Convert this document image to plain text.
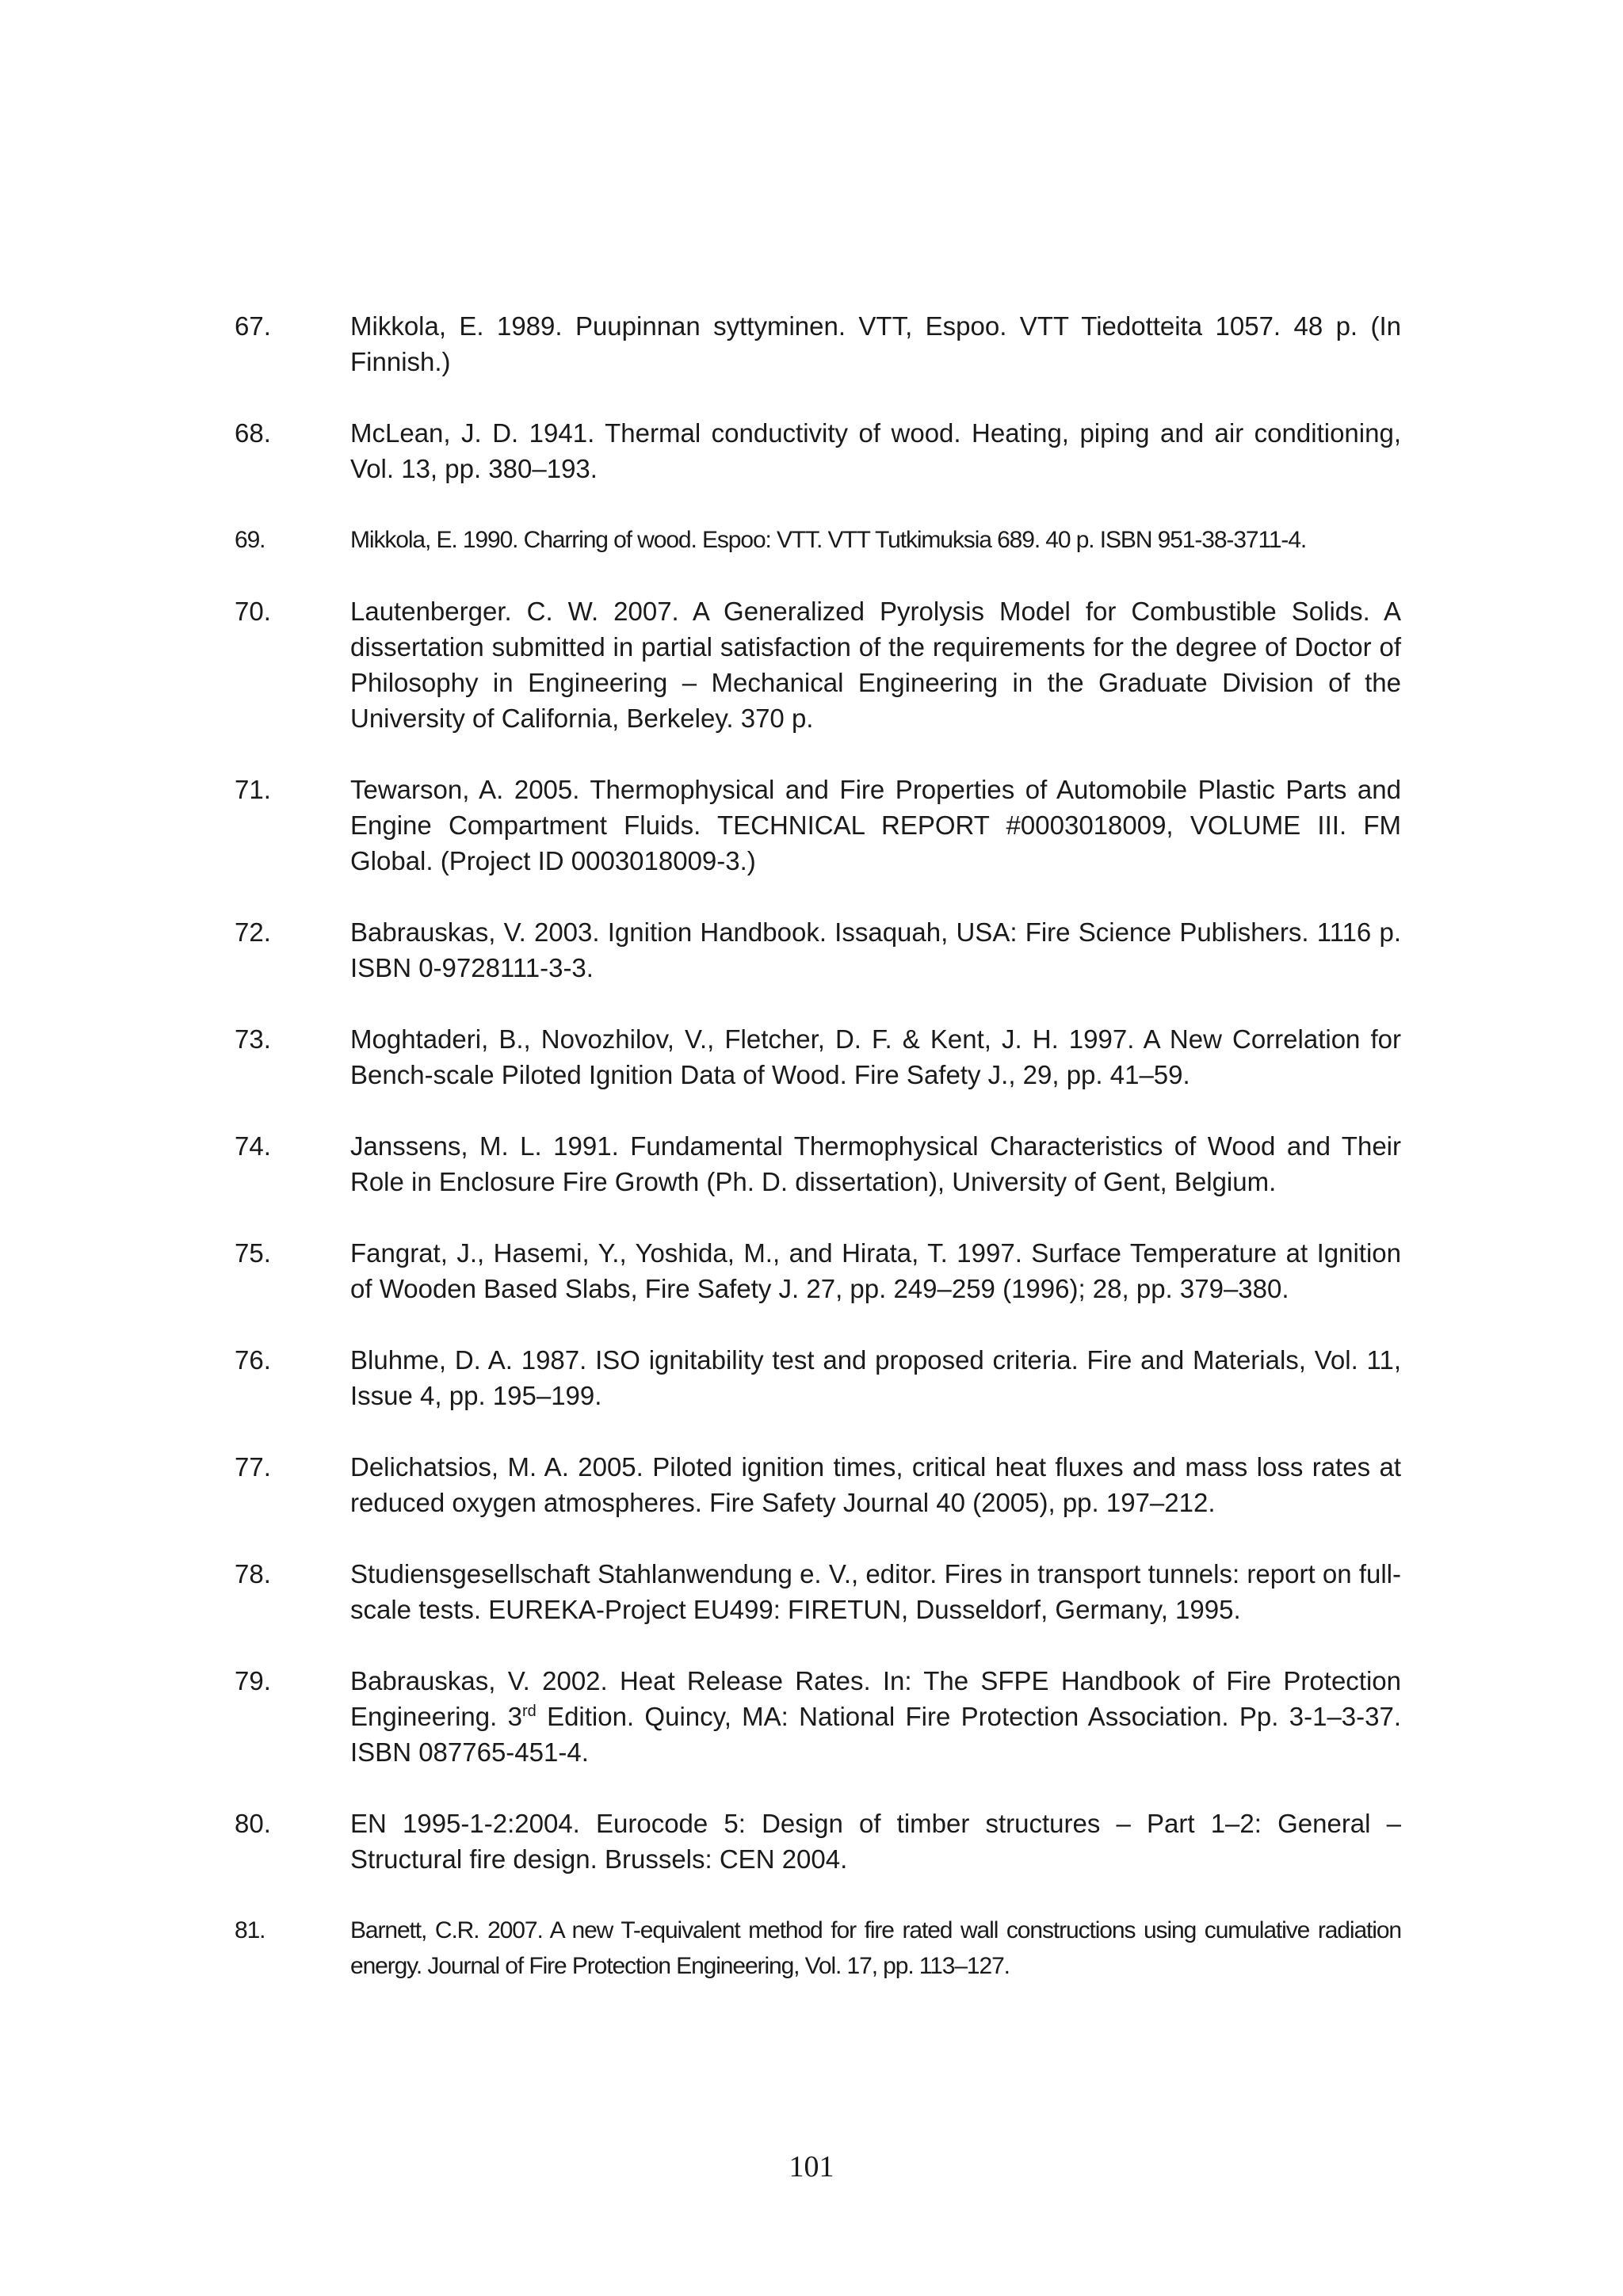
67.	Mikkola, E. 1989. Puupinnan syttyminen. VTT, Espoo. VTT Tiedotteita 1057. 48 p. (In Finnish.)
68.	McLean, J. D. 1941. Thermal conductivity of wood. Heating, piping and air conditioning, Vol. 13, pp. 380–193.
69.	Mikkola, E. 1990. Charring of wood. Espoo: VTT. VTT Tutkimuksia 689. 40 p. ISBN 951-38-3711-4.
70.	Lautenberger. C. W. 2007. A Generalized Pyrolysis Model for Combustible Solids. A dissertation submitted in partial satisfaction of the requirements for the degree of Doctor of Philosophy in Engineering – Mechanical Engineering in the Graduate Division of the University of California, Berkeley. 370 p.
71.	Tewarson, A. 2005. Thermophysical and Fire Properties of Automobile Plastic Parts and Engine Compartment Fluids. TECHNICAL REPORT #0003018009, VOLUME III. FM Global. (Project ID 0003018009-3.)
72.	Babrauskas, V. 2003. Ignition Handbook. Issaquah, USA: Fire Science Publishers. 1116 p. ISBN 0-9728111-3-3.
73.	Moghtaderi, B., Novozhilov, V., Fletcher, D. F. & Kent, J. H. 1997. A New Correlation for Bench-scale Piloted Ignition Data of Wood. Fire Safety J., 29, pp. 41–59.
74.	Janssens, M. L. 1991. Fundamental Thermophysical Characteristics of Wood and Their Role in Enclosure Fire Growth (Ph. D. dissertation), University of Gent, Belgium.
75.	Fangrat, J., Hasemi, Y., Yoshida, M., and Hirata, T. 1997. Surface Temperature at Ignition of Wooden Based Slabs, Fire Safety J. 27, pp. 249–259 (1996); 28, pp. 379–380.
76.	Bluhme, D. A. 1987. ISO ignitability test and proposed criteria. Fire and Materials, Vol. 11, Issue 4, pp. 195–199.
77.	Delichatsios, M. A. 2005. Piloted ignition times, critical heat fluxes and mass loss rates at reduced oxygen atmospheres. Fire Safety Journal 40 (2005), pp. 197–212.
78.	Studiensgesellschaft Stahlanwendung e. V., editor. Fires in transport tunnels: report on full-scale tests. EUREKA-Project EU499: FIRETUN, Dusseldorf, Germany, 1995.
79.	Babrauskas, V. 2002. Heat Release Rates. In: The SFPE Handbook of Fire Protection Engineering. 3rd Edition. Quincy, MA: National Fire Protection Association. Pp. 3-1–3-37. ISBN 087765-451-4.
80.	EN 1995-1-2:2004. Eurocode 5: Design of timber structures – Part 1–2: General – Structural fire design. Brussels: CEN 2004.
81.	Barnett, C.R. 2007. A new T-equivalent method for fire rated wall constructions using cumulative radiation energy. Journal of Fire Protection Engineering, Vol. 17, pp. 113–127.
101
